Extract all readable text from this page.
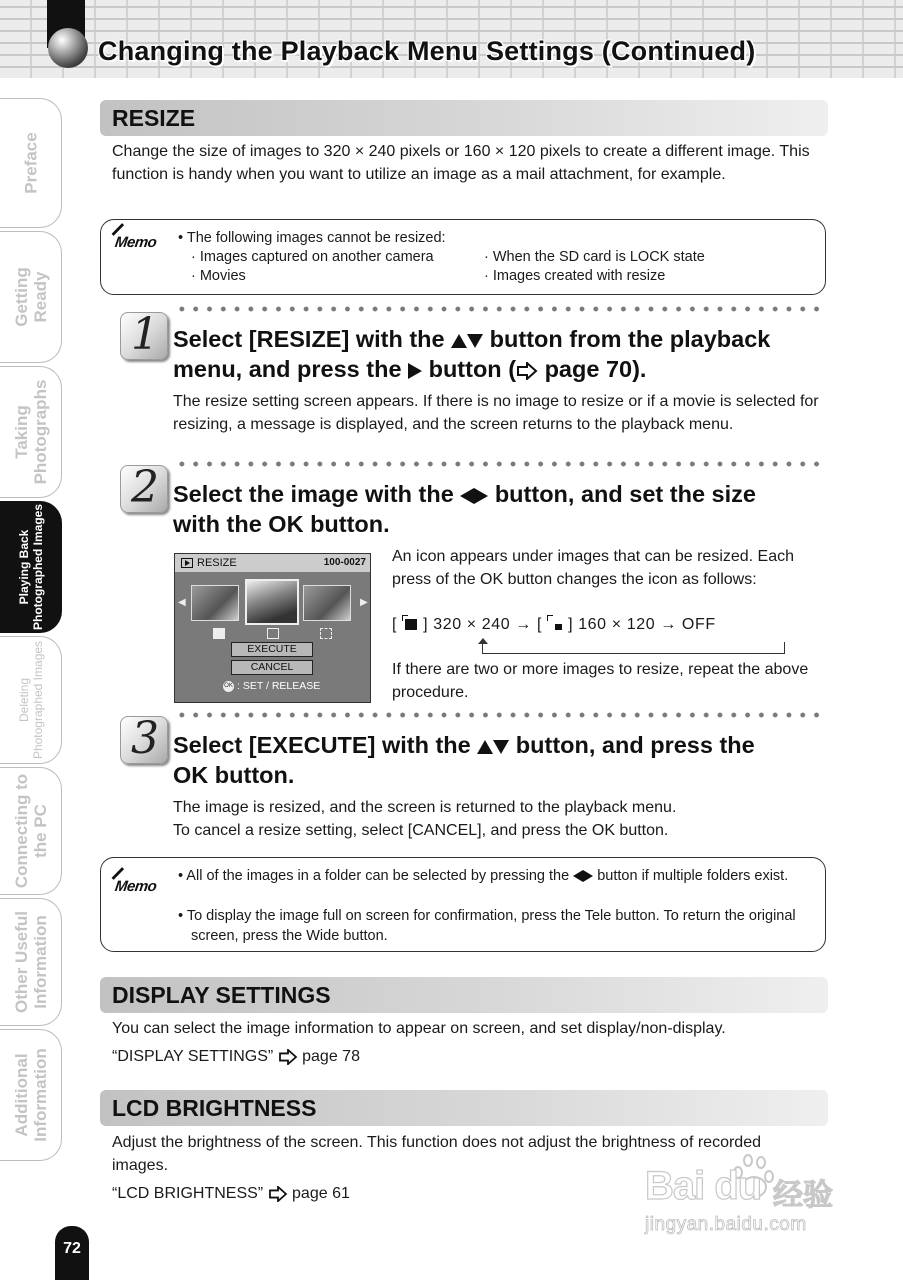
Changing the Playback Menu Settings (Continued)
Preface
Getting
Ready
Taking
Photographs
Playing Back
Photographed Images
Deleting
Photographed Images
Connecting to
the PC
Other Useful
Information
Additional
Information
RESIZE
Change the size of images to 320 × 240 pixels or 160 × 120 pixels to create a different image. This function is handy when you want to utilize an image as a mail attachment, for example.
Memo • The following images cannot be resized:
· Images captured on another camera
· Movies
· When the SD card is LOCK state
· Images created with resize
1 Select [RESIZE] with the button from the playback
menu, and press the button ( page 70).
The resize setting screen appears. If there is no image to resize or if a movie is selected for resizing, a message is displayed, and the screen returns to the playback menu.
2 Select the image with the button, and set the size
with the OK button.
RESIZE	100-0027
◀	▶
EXECUTE
CANCEL
OK : SET / RELEASE
An icon appears under images that can be resized. Each press of the OK button changes the icon as follows:
[  ] 320 × 240 → [  ] 160 × 120 → OFF
If there are two or more images to resize, repeat the above procedure.
3 Select [EXECUTE] with the button, and press the
OK button.
The image is resized, and the screen is returned to the playback menu.
To cancel a resize setting, select [CANCEL], and press the OK button.
Memo
• All of the images in a folder can be selected by pressing the button if multiple folders exist.
• To display the image full on screen for confirmation, press the Tele button. To return the original screen, press the Wide button.
DISPLAY SETTINGS
You can select the image information to appear on screen, and set display/non-display.
“DISPLAY SETTINGS” page 78
LCD BRIGHTNESS
Adjust the brightness of the screen. This function does not adjust the brightness of recorded images.
“LCD BRIGHTNESS” page 61
72
Bai du 经验
jingyan.baidu.com
